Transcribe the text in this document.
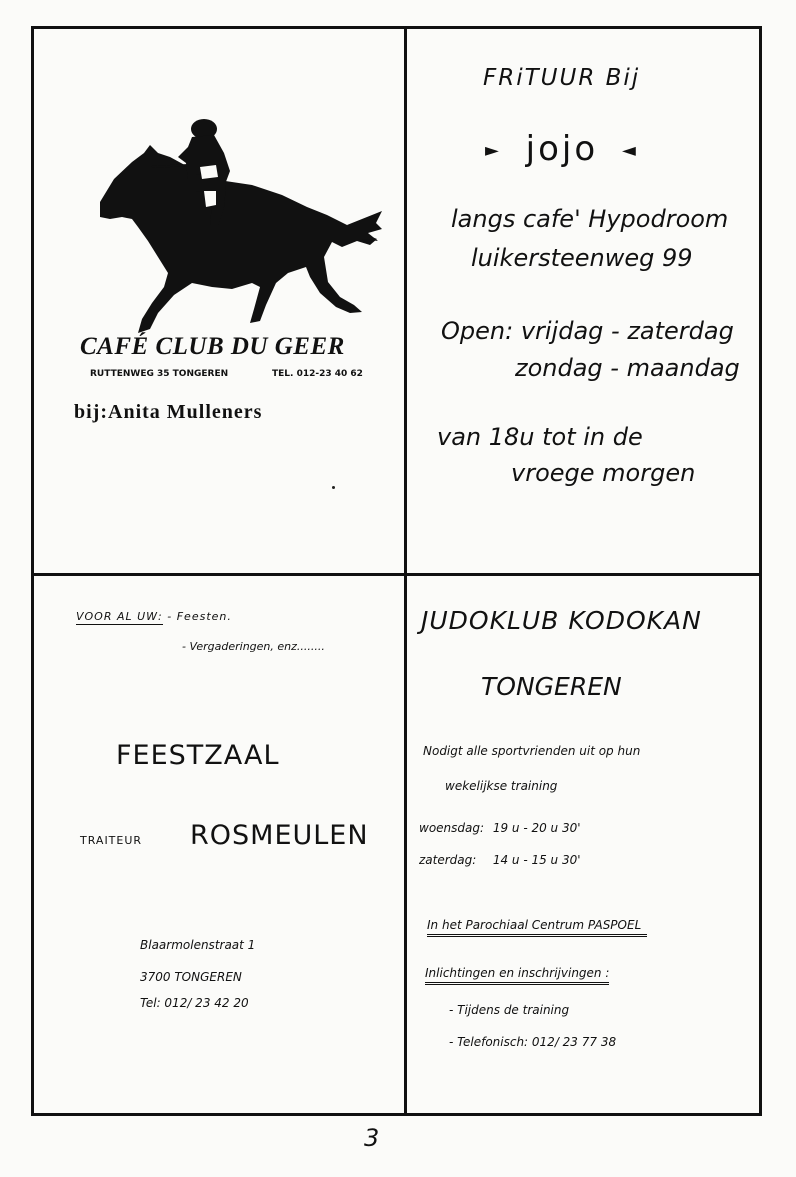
CAFÉ CLUB DU GEER
RUTTENWEG 35 TONGEREN	TEL. 012-23 40 62
bij:Anita Mulleners
FRiTUUR Bij
► jojo ◄
langs cafe' Hypodroom
luikersteenweg 99
Open: vrijdag - zaterdag
zondag - maandag
van 18u tot in de
vroege morgen
VOOR AL UW: - Feesten.
- Vergaderingen, enz........
FEESTZAAL
TRAITEUR ROSMEULEN
Blaarmolenstraat 1
3700 TONGEREN
Tel: 012/ 23 42 20
JUDOKLUB KODOKAN
TONGEREN
Nodigt alle sportvrienden uit op hun
wekelijkse training
woensdag: 19 u - 20 u 30'
zaterdag: 14 u - 15 u 30'
In het Parochiaal Centrum PASPOEL
Inlichtingen en inschrijvingen :
- Tijdens de training
- Telefonisch: 012/ 23 77 38
3
